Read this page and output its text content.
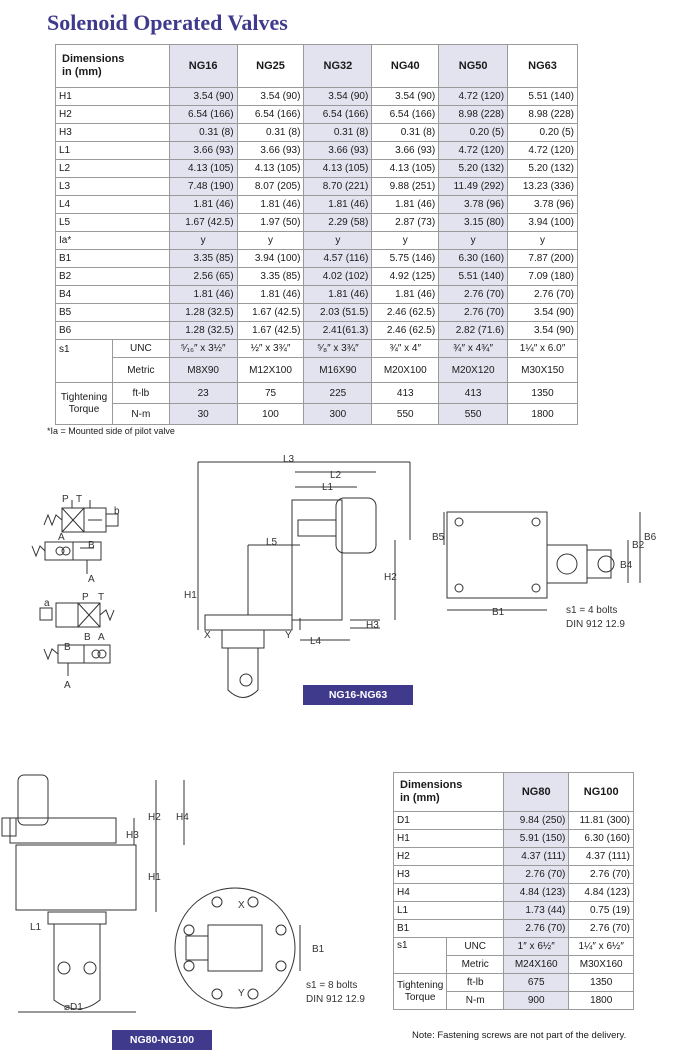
Solenoid Operated Valves
Dimensions
in (mm)		NG16	NG25	NG32	NG40	NG50	NG63
H1		3.54 (90)	3.54 (90)	3.54 (90)	3.54 (90)	4.72 (120)	5.51 (140)
H2		6.54 (166)	6.54 (166)	6.54 (166)	6.54 (166)	8.98 (228)	8.98 (228)
H3		0.31 (8)	0.31 (8)	0.31 (8)	0.31 (8)	0.20 (5)	0.20 (5)
L1		3.66 (93)	3.66 (93)	3.66 (93)	3.66 (93)	4.72 (120)	4.72 (120)
L2		4.13 (105)	4.13 (105)	4.13 (105)	4.13 (105)	5.20 (132)	5.20 (132)
L3		7.48 (190)	8.07 (205)	8.70 (221)	9.88 (251)	11.49 (292)	13.23 (336)
L4		1.81 (46)	1.81 (46)	1.81 (46)	1.81 (46)	3.78 (96)	3.78 (96)
L5		1.67 (42.5)	1.97 (50)	2.29 (58)	2.87 (73)	3.15 (80)	3.94 (100)
Ia*		y	y	y	y	y	y
B1		3.35 (85)	3.94 (100)	4.57 (116)	5.75 (146)	6.30 (160)	7.87 (200)
B2		2.56 (65)	3.35 (85)	4.02 (102)	4.92 (125)	5.51 (140)	7.09 (180)
B4		1.81 (46)	1.81 (46)	1.81 (46)	1.81 (46)	2.76 (70)	2.76 (70)
B5		1.28 (32.5)	1.67 (42.5)	2.03 (51.5)	2.46 (62.5)	2.76 (70)	3.54 (90)
B6		1.28 (32.5)	1.67 (42.5)	2.41(61.3)	2.46 (62.5)	2.82 (71.6)	3.54 (90)
s1	UNC	⁵⁄₁₆″ x 3½″	½″ x 3¾″	⁵⁄₈″ x 3¾″	¾″ x 4″	¾″ x 4¾″	1¼″ x 6.0″
	Metric	M8X90	M12X100	M16X90	M20X100	M20X120	M30X150
Tightening
Torque	ft-lb	23	75	225	413	413	1350
	N-m	30	100	300	550	550	1800
*Ia = Mounted side of pilot valve
P T
b
A
B
A
a
P T
B A
B
A
L3
L2
L1
L5
H1
H2
H3
L4
X	Y
B5
B1
B2
B4
B6
s1 = 4 bolts
DIN 912 12.9
NG16-NG63
H2 H4
H3
H1
L1
⌀D1
X
Y
B1
s1 = 8 bolts
DIN 912 12.9
NG80-NG100
Dimensions
in (mm)		NG80	NG100
D1		9.84 (250)	11.81 (300)
H1		5.91 (150)	6.30 (160)
H2		4.37 (111)	4.37 (111)
H3		2.76 (70)	2.76 (70)
H4		4.84 (123)	4.84 (123)
L1		1.73 (44)	0.75 (19)
B1		2.76 (70)	2.76 (70)
s1	UNC	1″ x 6½″	1¼″ x 6½″
	Metric	M24X160	M30X160
Tightening
Torque	ft-lb	675	1350
	N-m	900	1800
Note: Fastening screws are not part of the delivery.
